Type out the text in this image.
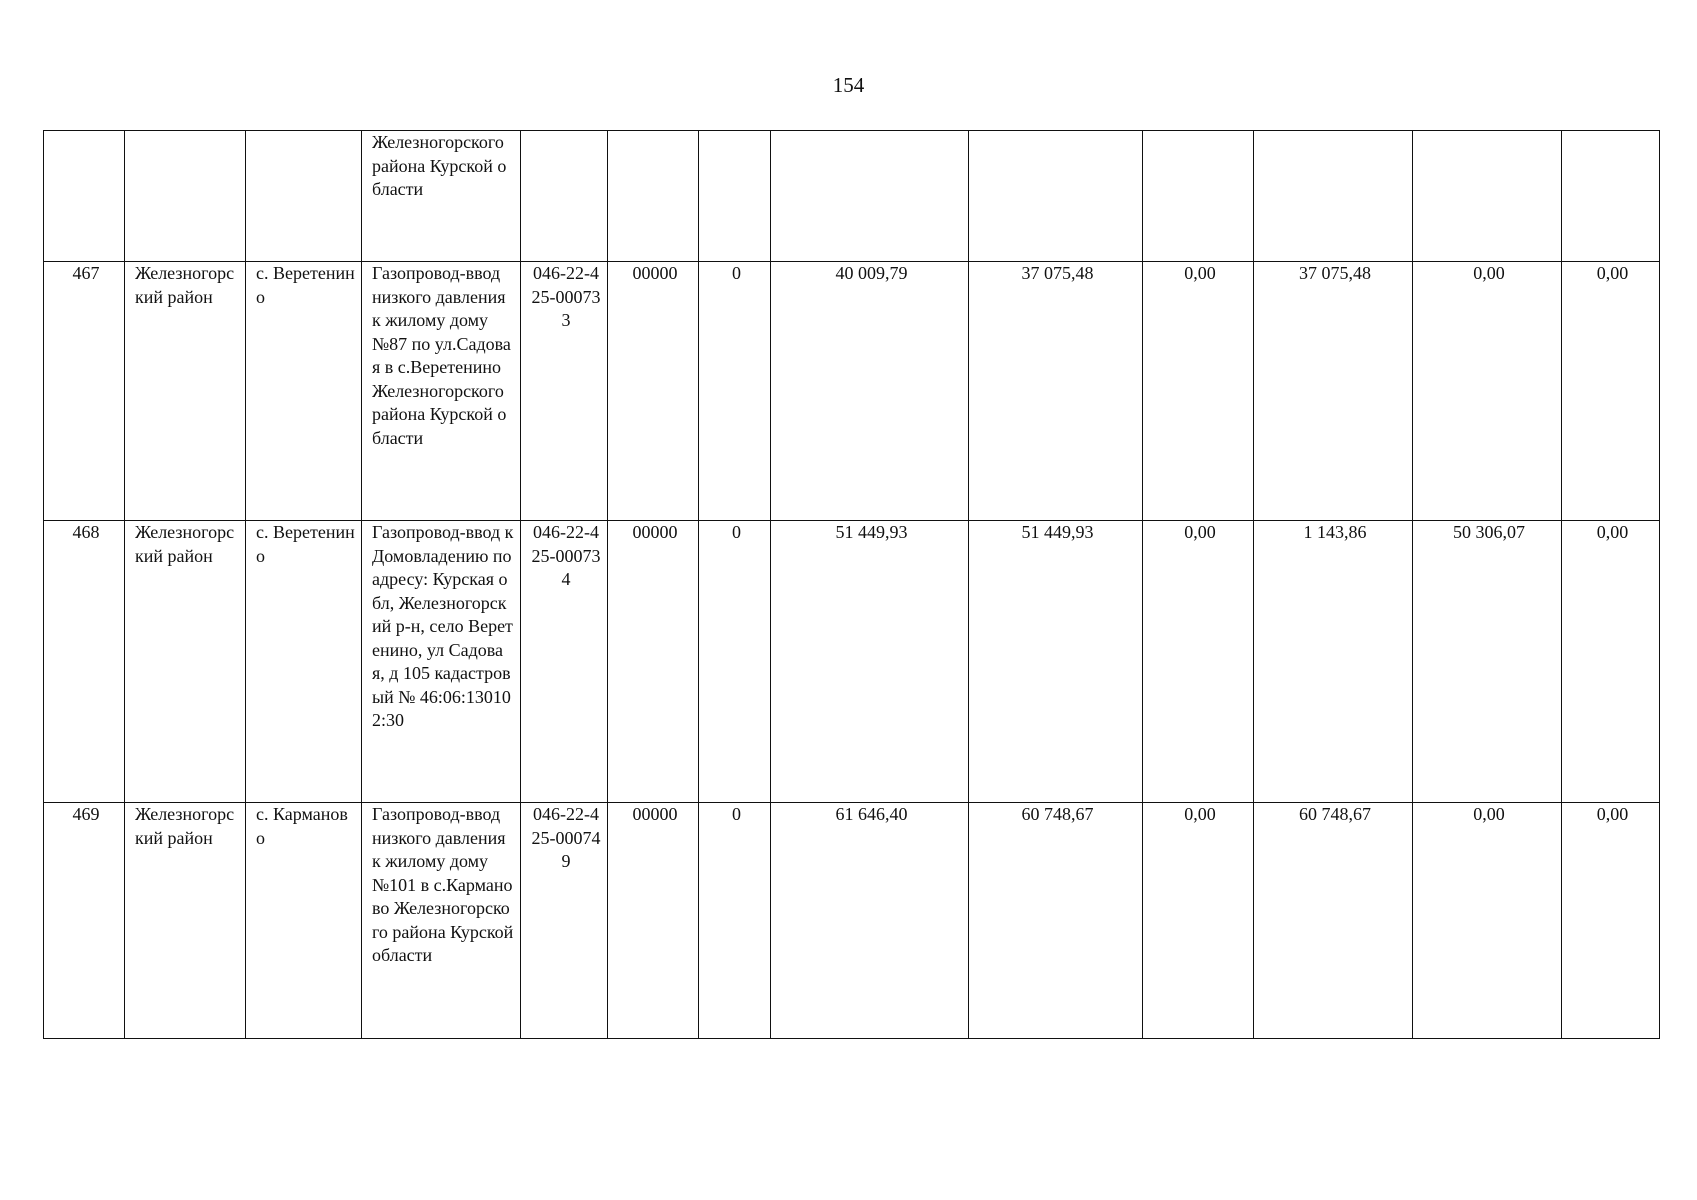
154
			Железногорского района Курской области									
467	Железногорский район	с. Веретенино	Газопровод-ввод низкого давления к жилому дому №87 по ул.Садовая в с.Веретенино Железногорского района Курской области	046-22-425-000733	00000	0	40 009,79	37 075,48	0,00	37 075,48	0,00	0,00
468	Железногорский район	с. Веретенино	Газопровод-ввод к Домовладению по адресу: Курская обл, Железногорский р-н, село Веретенино, ул Садовая, д 105 кадастровый № 46:06:130102:30	046-22-425-000734	00000	0	51 449,93	51 449,93	0,00	1 143,86	50 306,07	0,00
469	Железногорский район	с. Карманово	Газопровод-ввод низкого давления к жилому дому №101 в с.Карманово Железногорского района Курской области	046-22-425-000749	00000	0	61 646,40	60 748,67	0,00	60 748,67	0,00	0,00
